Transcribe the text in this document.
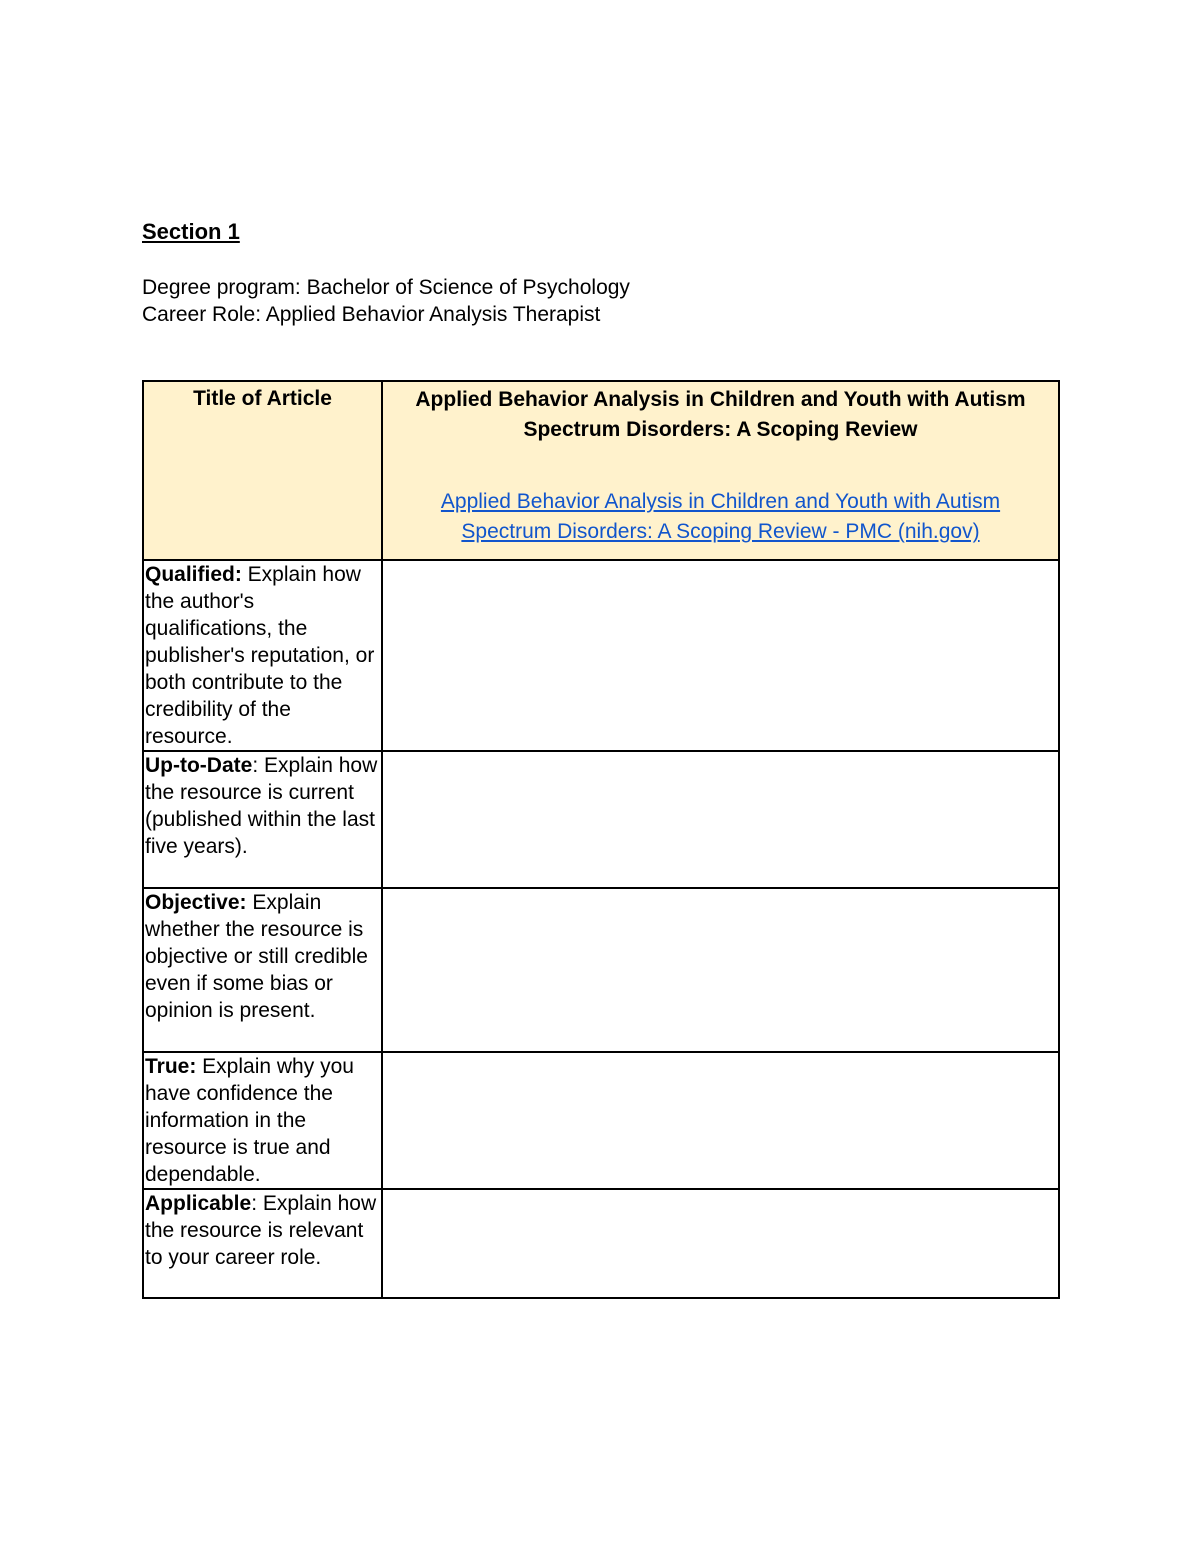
Section 1
Degree program: Bachelor of Science of Psychology
Career Role: Applied Behavior Analysis Therapist
Title of Article	Applied Behavior Analysis in Children and Youth with Autism Spectrum Disorders: A Scoping Review
Applied Behavior Analysis in Children and Youth with Autism Spectrum Disorders: A Scoping Review - PMC (nih.gov)

Qualified: Explain how the author's qualifications, the publisher's reputation, or both contribute to the credibility of the resource.	
Up-to-Date: Explain how the resource is current (published within the last five years).	
Objective: Explain whether the resource is objective or still credible even if some bias or opinion is present.	
True: Explain why you have confidence the information in the resource is true and dependable.	
Applicable: Explain how the resource is relevant to your career role.	
